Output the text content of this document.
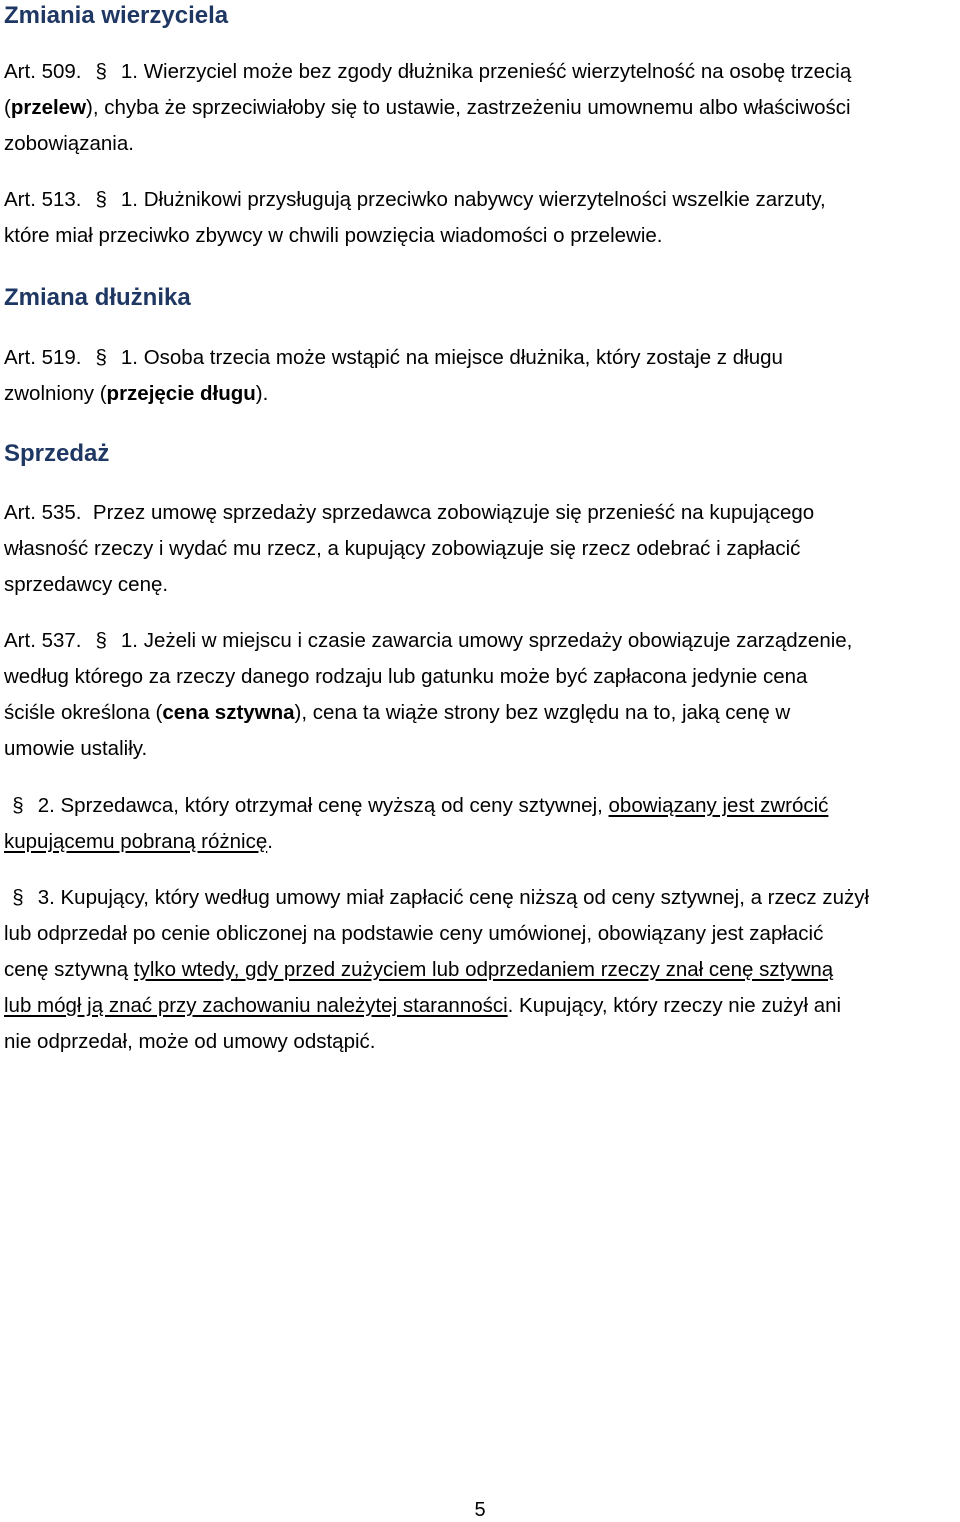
Zmiania wierzyciela

Art. 509. § 1. Wierzyciel może bez zgody dłużnika przenieść wierzytelność na osobę trzecią
(przelew), chyba że sprzeciwiałoby się to ustawie, zastrzeżeniu umownemu albo właściwości
zobowiązania.

Art. 513. § 1. Dłużnikowi przysługują przeciwko nabywcy wierzytelności wszelkie zarzuty,
które miał przeciwko zbywcy w chwili powzięcia wiadomości o przelewie.

Zmiana dłużnika

Art. 519. § 1. Osoba trzecia może wstąpić na miejsce dłużnika, który zostaje z długu
zwolniony (przejęcie długu).

Sprzedaż

Art. 535. Przez umowę sprzedaży sprzedawca zobowiązuje się przenieść na kupującego
własność rzeczy i wydać mu rzecz, a kupujący zobowiązuje się rzecz odebrać i zapłacić
sprzedawcy cenę.

Art. 537. § 1. Jeżeli w miejscu i czasie zawarcia umowy sprzedaży obowiązuje zarządzenie,
według którego za rzeczy danego rodzaju lub gatunku może być zapłacona jedynie cena
ściśle określona (cena sztywna), cena ta wiąże strony bez względu na to, jaką cenę w
umowie ustaliły.

§ 2. Sprzedawca, który otrzymał cenę wyższą od ceny sztywnej, obowiązany jest zwrócić
kupującemu pobraną różnicę.

§ 3. Kupujący, który według umowy miał zapłacić cenę niższą od ceny sztywnej, a rzecz zużył
lub odprzedał po cenie obliczonej na podstawie ceny umówionej, obowiązany jest zapłacić
cenę sztywną tylko wtedy, gdy przed zużyciem lub odprzedaniem rzeczy znał cenę sztywną
lub mógł ją znać przy zachowaniu należytej staranności. Kupujący, który rzeczy nie zużył ani
nie odprzedał, może od umowy odstąpić.

5
